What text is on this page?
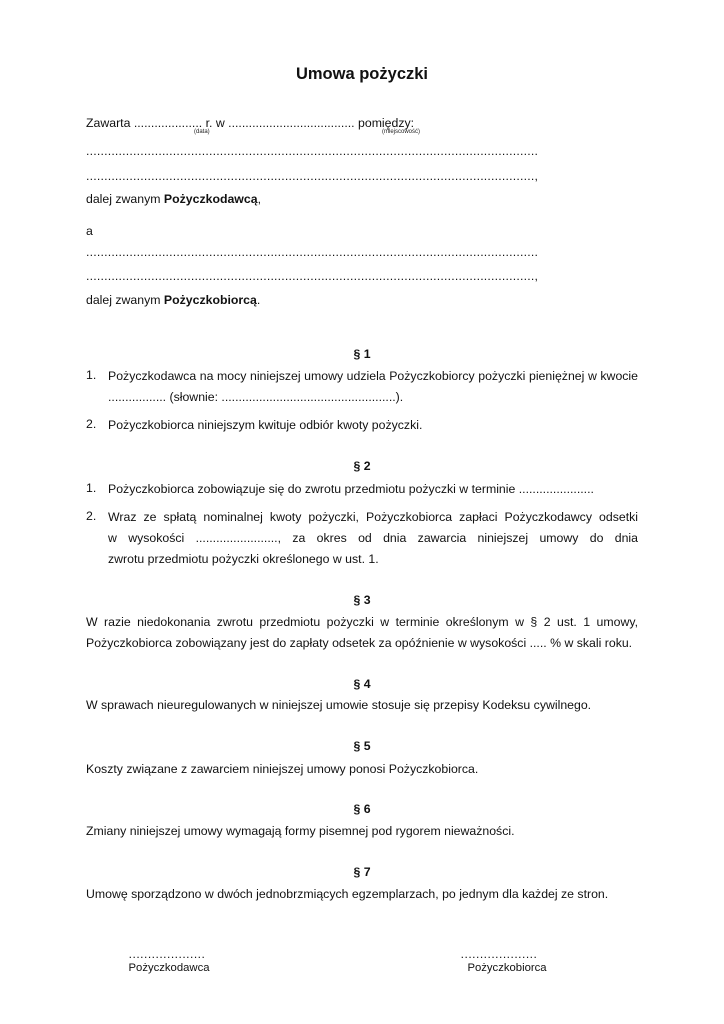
Umowa pożyczki
Zawarta .................... r. w ..................................... pomiędzy:
(data)	(miejscowość)
.............................................................................................................................
............................................................................................................................,
dalej zwanym Pożyczkodawcą,
a
.............................................................................................................................
............................................................................................................................,
dalej zwanym Pożyczkobiorcą.
§ 1
1. Pożyczkodawca na mocy niniejszej umowy udziela Pożyczkobiorcy pożyczki pieniężnej w kwocie
................. (słownie: ...................................................).
2. Pożyczkobiorca niniejszym kwituje odbiór kwoty pożyczki.
§ 2
1. Pożyczkobiorca zobowiązuje się do zwrotu przedmiotu pożyczki w terminie ......................
2. Wraz ze spłatą nominalnej kwoty pożyczki, Pożyczkobiorca zapłaci Pożyczkodawcy odsetki
w wysokości ........................, za okres od dnia zawarcia niniejszej umowy do dnia
zwrotu przedmiotu pożyczki określonego w ust. 1.
§ 3
W razie niedokonania zwrotu przedmiotu pożyczki w terminie określonym w § 2 ust. 1 umowy,
Pożyczkobiorca zobowiązany jest do zapłaty odsetek za opóźnienie w wysokości ..... % w skali roku.
§ 4
W sprawach nieuregulowanych w niniejszej umowie stosuje się przepisy Kodeksu cywilnego.
§ 5
Koszty związane z zawarciem niniejszej umowy ponosi Pożyczkobiorca.
§ 6
Zmiany niniejszej umowy wymagają formy pisemnej pod rygorem nieważności.
§ 7
Umowę sporządzono w dwóch jednobrzmiących egzemplarzach, po jednym dla każdej ze stron.
....................
Pożyczkodawca
....................
Pożyczkobiorca
